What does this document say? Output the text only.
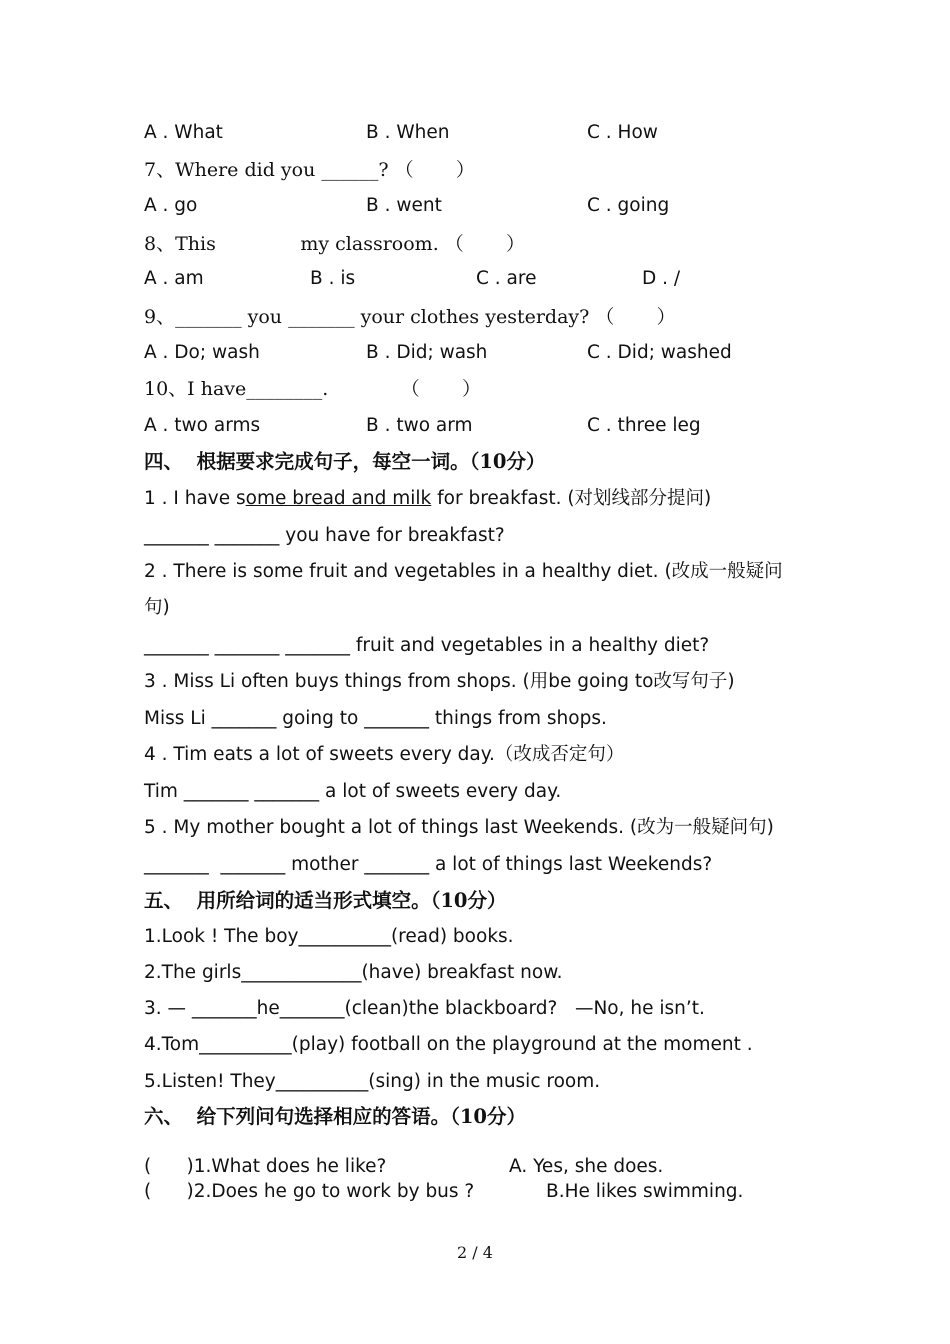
A . What	B . When	C . How
7、Where did you ______? （       ）
A . go	B . went	C . going
8、This              my classroom. （       ）
A . am	B . is	C . are	D . /
9、_______ you _______ your clothes yesterday? （       ）
A . Do; wash	B . Did; wash	C . Did; washed
10、I have________.            （       ）
A . two arms	B . two arm	C . three leg
四、  根据要求完成句子，每空一词。（10分）
1 . I have some bread and milk for breakfast. (对划线部分提问)
_______ _______ you have for breakfast?
2 . There is some fruit and vegetables in a healthy diet. (改成一般疑问
句)
_______ _______ _______ fruit and vegetables in a healthy diet?
3 . Miss Li often buys things from shops. (用be going to改写句子)
Miss Li _______ going to _______ things from shops.
4 . Tim eats a lot of sweets every day.（改成否定句）
Tim _______ _______ a lot of sweets every day.
5 . My mother bought a lot of things last Weekends. (改为一般疑问句)
_______  _______ mother _______ a lot of things last Weekends?
五、  用所给词的适当形式填空。（10分）
1.Look ! The boy__________(read) books.
2.The girls_____________(have) breakfast now.
3. — _______he_______(clean)the blackboard?   —No, he isn’t.
4.Tom__________(play) football on the playground at the moment .
5.Listen! They__________(sing) in the music room.
六、  给下列问句选择相应的答语。（10分）
(      )1.What does he like?	A. Yes, she does.
(      )2.Does he go to work by bus ?	B.He likes swimming.
2 / 4
